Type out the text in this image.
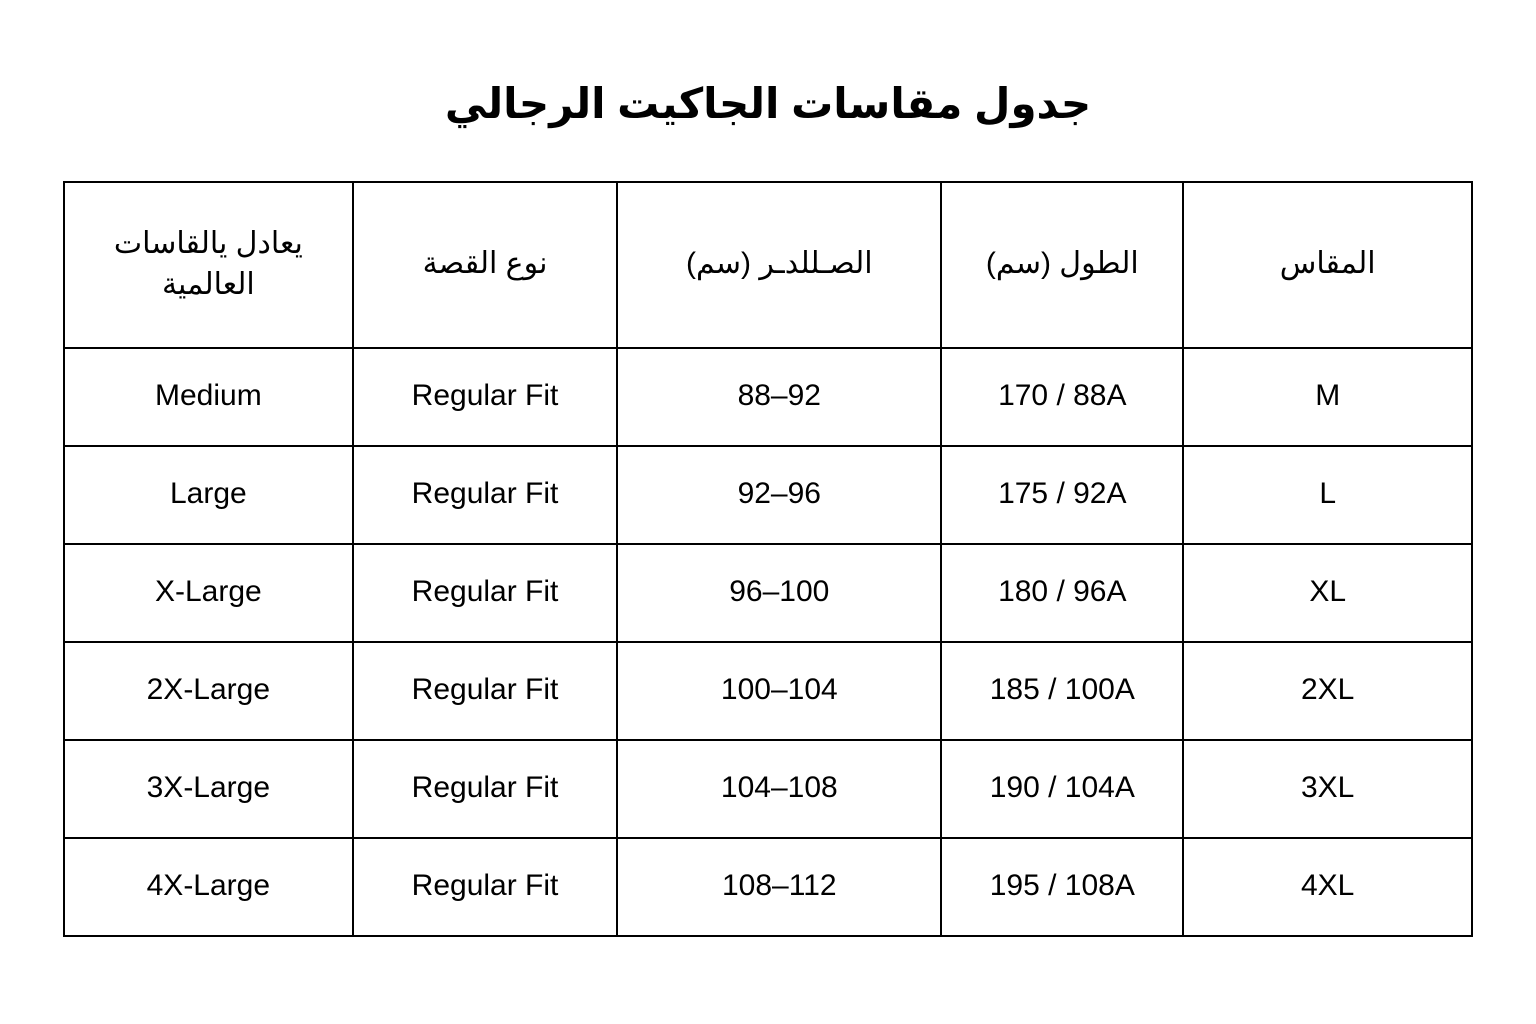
جدول مقاسات الجاكيت الرجالي
المقاس	الطول (سم)	الصـللدـر (سم)	نوع القصة	يعادل يالقاسات العالمية
M	170 / 88A	88–92	Regular Fit	Medium
L	175 / 92A	92–96	Regular Fit	Large
XL	180 / 96A	96–100	Regular Fit	X-Large
2XL	185 / 100A	100–104	Regular Fit	2X-Large
3XL	190 / 104A	104–108	Regular Fit	3X-Large
4XL	195 / 108A	108–112	Regular Fit	4X-Large
